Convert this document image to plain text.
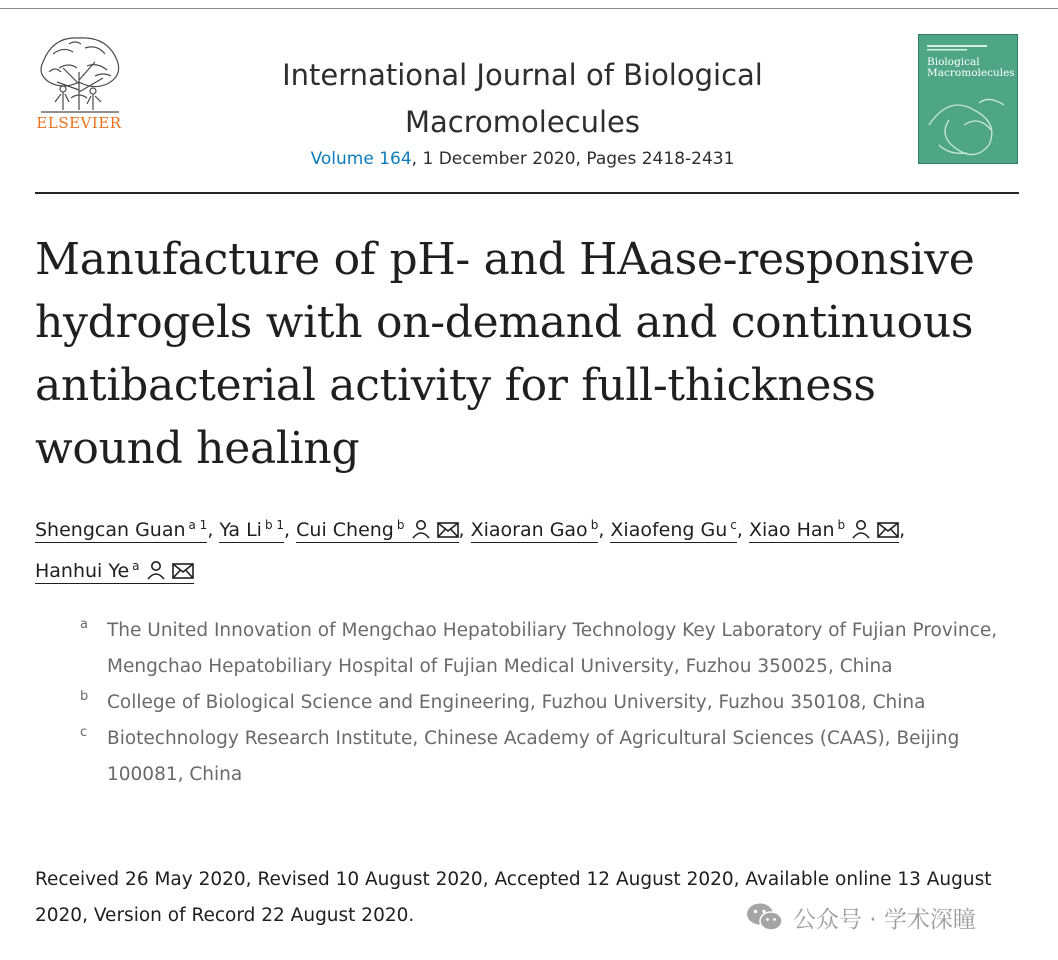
ELSEVIER
International Journal of Biological Macromolecules
Volume 164, 1 December 2020, Pages 2418-2431
Biological Macromolecules
Manufacture of pH- and HAase-responsive hydrogels with on-demand and continuous antibacterial activity for full-thickness wound healing
Shengcan Guan $^{a 1}$, Ya Li $^{b 1}$, Cui Cheng $^b$	, Xiaoran Gao $^b$, Xiaofeng Gu $^c$, Xiao Han $^b$	,
Hanhui Ye $^a$
a The United Innovation of Mengchao Hepatobiliary Technology Key Laboratory of Fujian Province, Mengchao Hepatobiliary Hospital of Fujian Medical University, Fuzhou 350025, China
b College of Biological Science and Engineering, Fuzhou University, Fuzhou 350108, China
c Biotechnology Research Institute, Chinese Academy of Agricultural Sciences (CAAS), Beijing 100081, China
Received 26 May 2020, Revised 10 August 2020, Accepted 12 August 2020, Available online 13 August 2020, Version of Record 22 August 2020.	公众号 · 学术深瞳
